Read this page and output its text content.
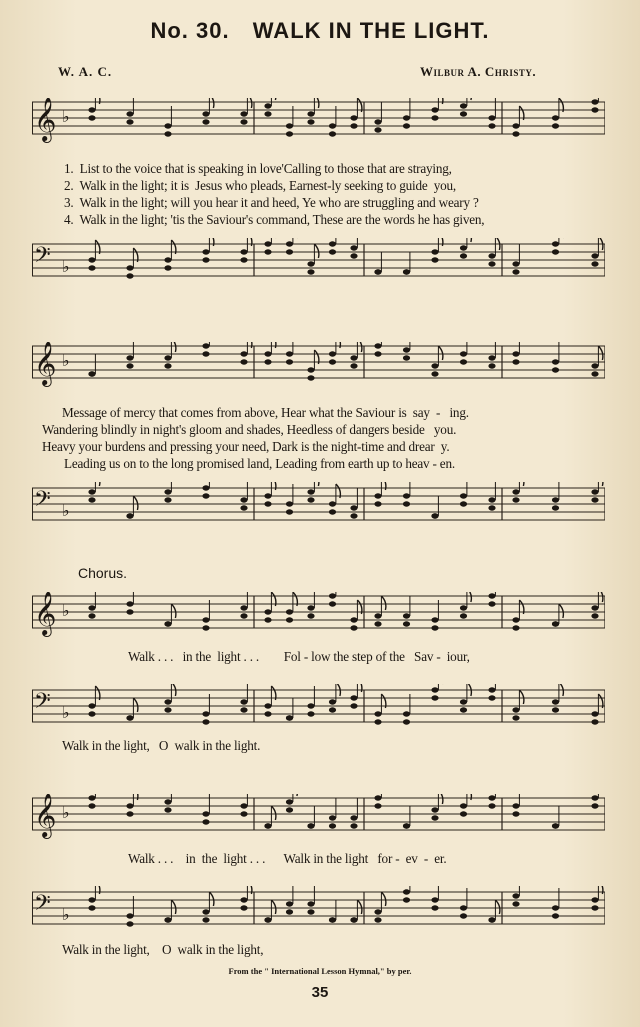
No. 30. WALK IN THE LIGHT.
W. A. C.	Wilbur A. Christy.
𝄞 ♭
1.  List to the voice that is speaking in love'Calling to those that are straying,
2.  Walk in the light; it is  Jesus who pleads, Earnest-ly seeking to guide  you,
3.  Walk in the light; will you hear it and heed, Ye who are struggling and weary ?
4.  Walk in the light; 'tis the Saviour's command, These are the words he has given,
𝄢 ♭
𝄞 ♭
Message of mercy that comes from above, Hear what the Saviour is  say  -   ing.
Wandering blindly in night's gloom and shades, Heedless of dangers beside   you.
Heavy your burdens and pressing your need, Dark is the night-time and drear  y.
Leading us on to the long promised land, Leading from earth up to heav - en.
𝄢 ♭
Chorus.
𝄞 ♭
Walk . . .   in the  light . . .        Fol - low the step of the   Sav -  iour,
𝄢 ♭
Walk in the light,   O  walk in the light.
𝄞 ♭
Walk . . .    in  the  light . . .      Walk in the light   for -  ev  -  er.
𝄢 ♭
Walk in the light,    O  walk in the light,
From the " International Lesson Hymnal," by per.
35
